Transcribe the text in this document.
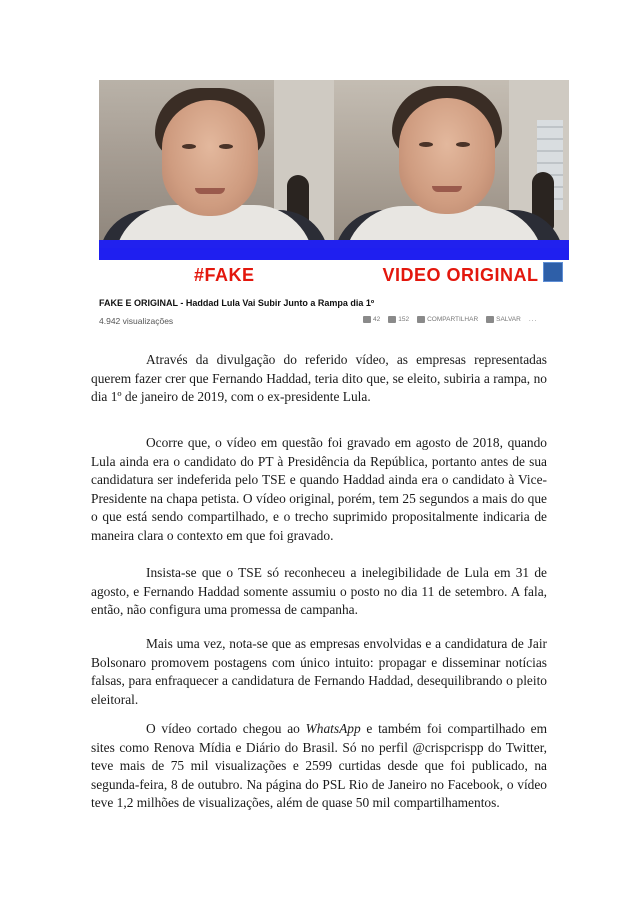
#FAKE	VIDEO ORIGINAL
FAKE E ORIGINAL - Haddad Lula Vai Subir Junto a Rampa dia 1º
4.942 visualizações	42	152	COMPARTILHAR	SALVAR ...

Através da divulgação do referido vídeo, as empresas representadas querem fazer crer que Fernando Haddad, teria dito que, se eleito, subiria a rampa, no dia 1º de janeiro de 2019, com o ex-presidente Lula.

Ocorre que, o vídeo em questão foi gravado em agosto de 2018, quando Lula ainda era o candidato do PT à Presidência da República, portanto antes de sua candidatura ser indeferida pelo TSE e quando Haddad ainda era o candidato à Vice-Presidente na chapa petista. O vídeo original, porém, tem 25 segundos a mais do que o que está sendo compartilhado, e o trecho suprimido propositalmente indicaria de maneira clara o contexto em que foi gravado.

Insista-se que o TSE só reconheceu a inelegibilidade de Lula em 31 de agosto, e Fernando Haddad somente assumiu o posto no dia 11 de setembro. A fala, então, não configura uma promessa de campanha.

Mais uma vez, nota-se que as empresas envolvidas e a candidatura de Jair Bolsonaro promovem postagens com único intuito: propagar e disseminar notícias falsas, para enfraquecer a candidatura de Fernando Haddad, desequilibrando o pleito eleitoral.

O vídeo cortado chegou ao WhatsApp e também foi compartilhado em sites como Renova Mídia e Diário do Brasil. Só no perfil @crispcrispp do Twitter, teve mais de 75 mil visualizações e 2599 curtidas desde que foi publicado, na segunda-feira, 8 de outubro. Na página do PSL Rio de Janeiro no Facebook, o vídeo teve 1,2 milhões de visualizações, além de quase 50 mil compartilhamentos.
